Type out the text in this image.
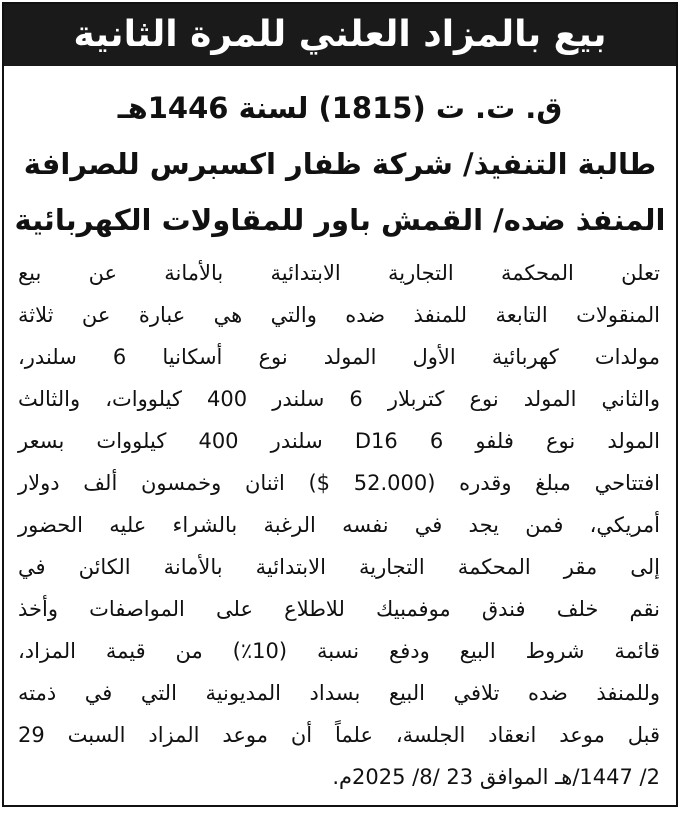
بيع بالمزاد العلني للمرة الثانية
ق. ت. ت (1815) لسنة 1446هـ
طالبة التنفيذ/ شركة ظفار اكسبرس للصرافة
المنفذ ضده/ القمش باور للمقاولات الكهربائية
تعلن المحكمة التجارية الابتدائية بالأمانة عن بيع
المنقولات التابعة للمنفذ ضده والتي هي عبارة عن ثلاثة
مولدات كهربائية الأول المولد نوع أسكانيا 6 سلندر،
والثاني المولد نوع كتربلار 6 سلندر 400 كيلووات، والثالث
المولد نوع فلفو D16 6 سلندر 400 كيلووات بسعر
افتتاحي مبلغ وقدره (52.000 $) اثنان وخمسون ألف دولار
أمريكي، فمن يجد في نفسه الرغبة بالشراء عليه الحضور
إلى مقر المحكمة التجارية الابتدائية بالأمانة الكائن في
نقم خلف فندق موفمبيك للاطلاع على المواصفات وأخذ
قائمة شروط البيع ودفع نسبة (10٪) من قيمة المزاد،
وللمنفذ ضده تلافي البيع بسداد المديونية التي في ذمته
قبل موعد انعقاد الجلسة، علماً أن موعد المزاد السبت 29
2/ 1447/هـ الموافق 23 /8/ 2025م.
